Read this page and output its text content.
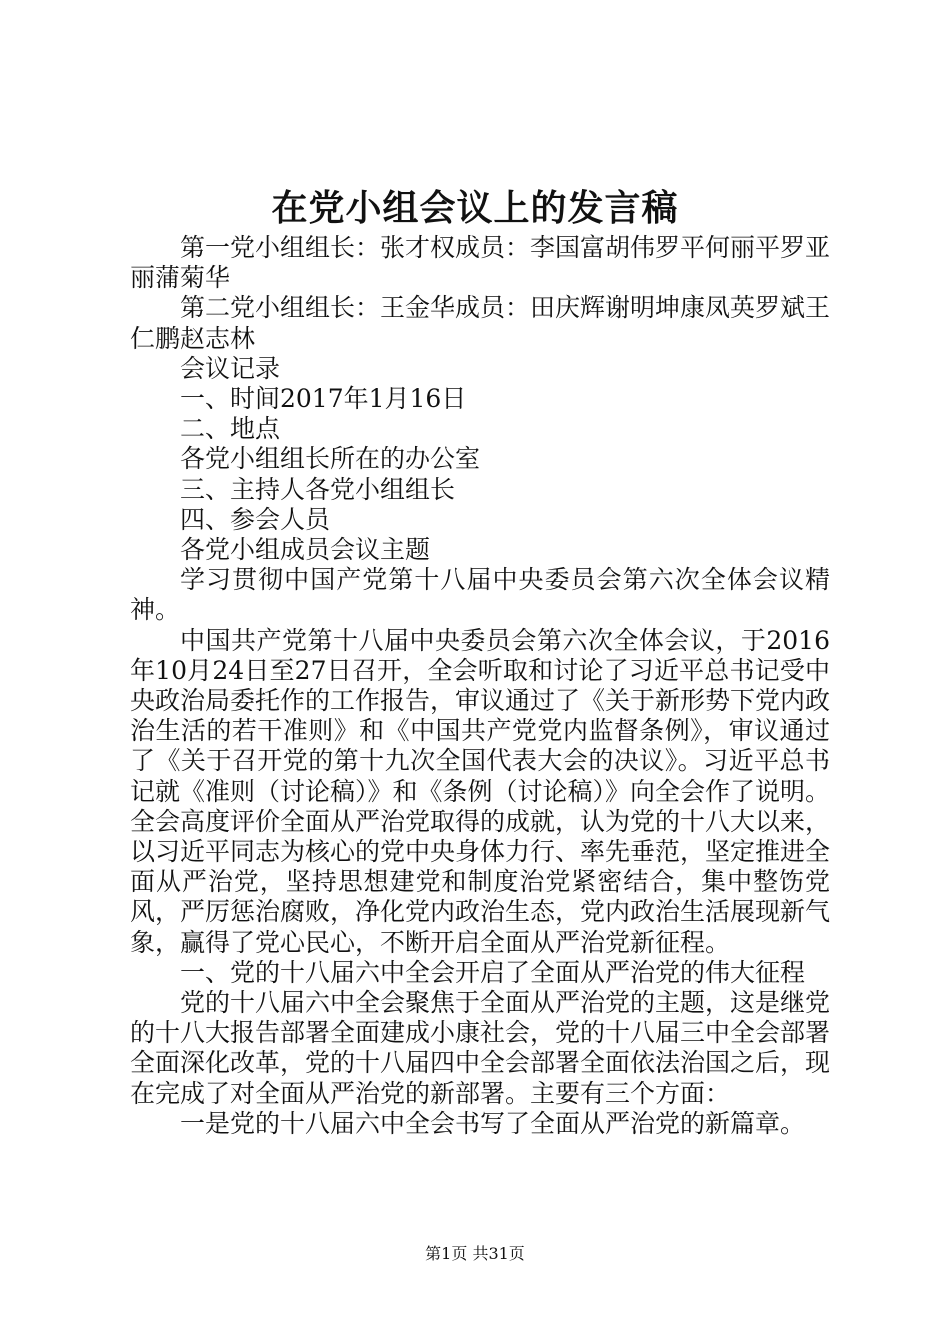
在党小组会议上的发言稿

第一党小组组长：张才权成员：李国富胡伟罗平何丽平罗亚丽蒲菊华

第二党小组组长：王金华成员：田庆辉谢明坤康凤英罗斌王仁鹏赵志林

会议记录

一、时间2017年1月16日

二、地点

各党小组组长所在的办公室

三、主持人各党小组组长

四、参会人员

各党小组成员会议主题

学习贯彻中国产党第十八届中央委员会第六次全体会议精神。

中国共产党第十八届中央委员会第六次全体会议，于2016年10月24日至27日召开，全会听取和讨论了习近平总书记受中央政治局委托作的工作报告，审议通过了《关于新形势下党内政治生活的若干准则》和《中国共产党党内监督条例》，审议通过了《关于召开党的第十九次全国代表大会的决议》。习近平总书记就《准则（讨论稿）》和《条例（讨论稿）》向全会作了说明。全会高度评价全面从严治党取得的成就，认为党的十八大以来，以习近平同志为核心的党中央身体力行、率先垂范，坚定推进全面从严治党，坚持思想建党和制度治党紧密结合，集中整饬党风，严厉惩治腐败，净化党内政治生态，党内政治生活展现新气象，赢得了党心民心，不断开启全面从严治党新征程。

一、党的十八届六中全会开启了全面从严治党的伟大征程

党的十八届六中全会聚焦于全面从严治党的主题，这是继党的十八大报告部署全面建成小康社会，党的十八届三中全会部署全面深化改革，党的十八届四中全会部署全面依法治国之后，现在完成了对全面从严治党的新部署。主要有三个方面：

一是党的十八届六中全会书写了全面从严治党的新篇章。

第1页 共31页
